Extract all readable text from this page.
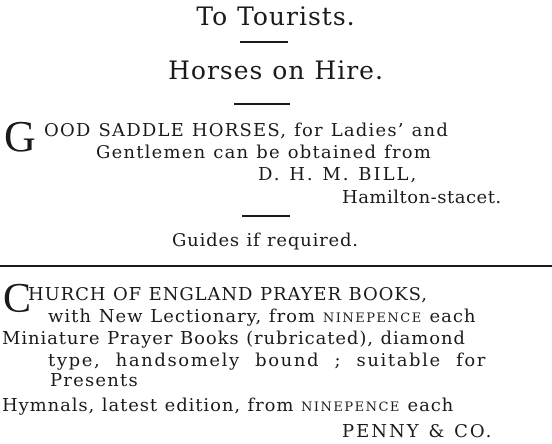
To Tourists.
Horses on Hire.
G OOD SADDLE HORSES, for Ladies’ and
Gentlemen can be obtained from
D. H. M. BILL,
Hamilton-stacet.
Guides if required.
C
HURCH OF ENGLAND PRAYER BOOKS,
with New Lectionary, from NINEPENCE each
Miniature Prayer Books (rubricated), diamond
type, handsomely bound ; suitable for
Presents
Hymnals, latest edition, from NINEPENCE each
PENNY & CO.
